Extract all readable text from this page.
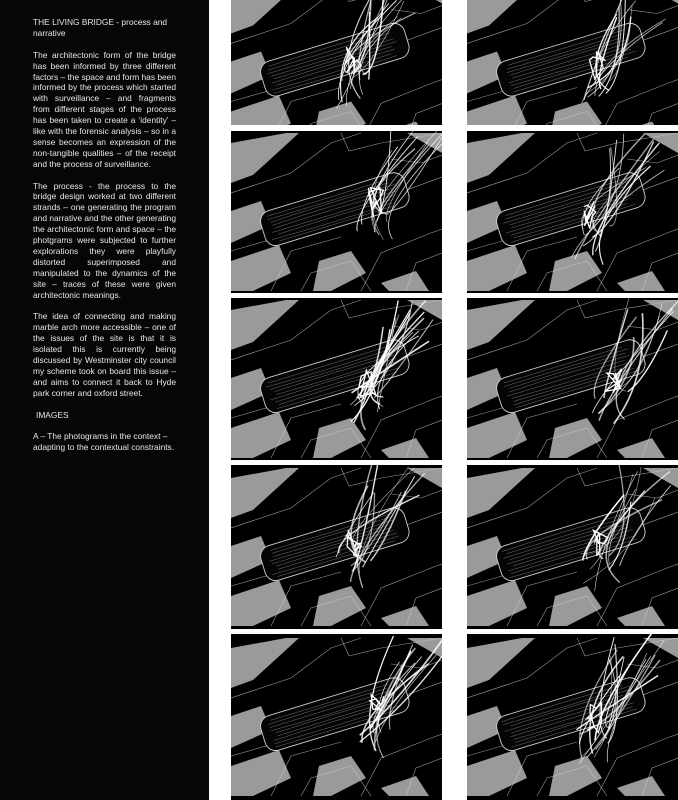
THE LIVING BRIDGE - process and narrative

The architectonic form of the bridge has been informed by three different factors – the space and form has been informed by the process which started with surveillance – and fragments from different stages of the process has been taken to create a ‘identity’ – like with the forensic analysis – so in a sense becomes an expression of the non-tangible qualities – of the receipt and the process of surveillance.

The process - the process to the bridge design worked at two different strands – one generating the program and narrative and the other generating the architectonic form and space – the photgrams were subjected to further explorations they were playfully distorted superimposed and manipulated to the dynamics of the site – traces of these were given architectonic meanings.

The idea of connecting and making marble arch more accessible – one of the issues of the site is that it is isolated this is currently being discussed by Westminster city council my scheme took on board this issue – and aims to connect it back to Hyde park corner and oxford street.

IMAGES

A – The photograms in the context – adapting to the contextual constraints.
